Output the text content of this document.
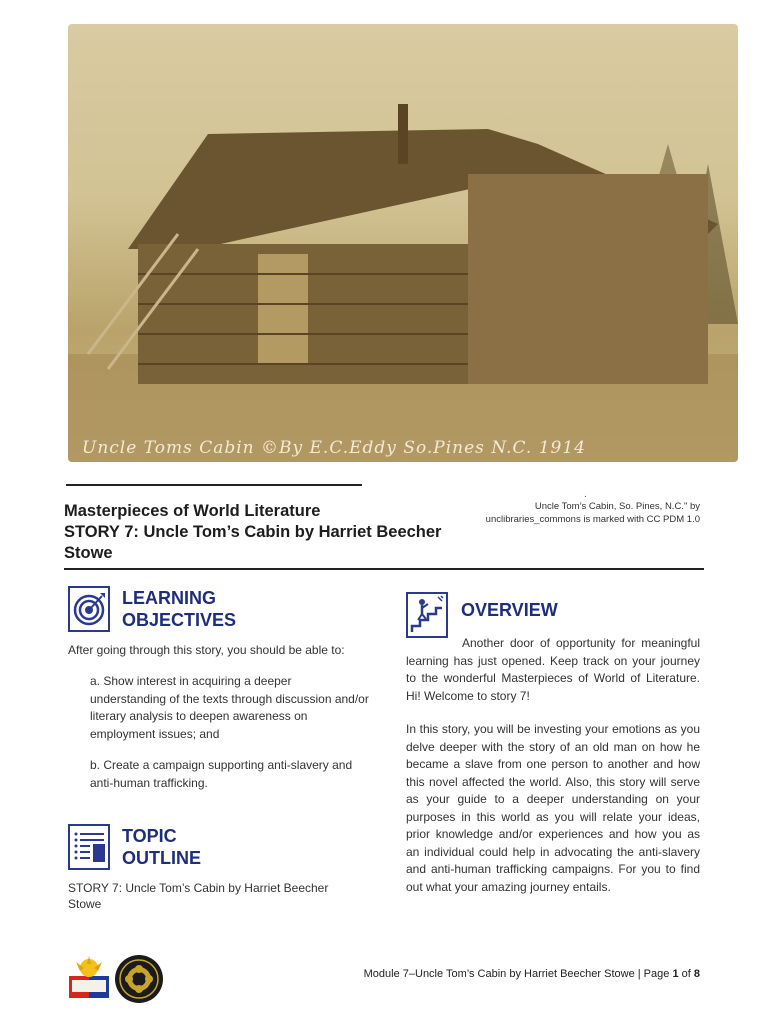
Uncle Toms Cabin ©By E.C.Eddy So.Pines N.C. 1914
.
Masterpieces of World Literature
STORY 7: Uncle Tom’s Cabin by Harriet Beecher Stowe
Uncle Tom’s Cabin, So. Pines, N.C." by unclibraries_commons is marked with CC PDM 1.0
LEARNING
OBJECTIVES
After going through this story, you should be able to:
a. Show interest in acquiring a deeper understanding of the texts through discussion and/or literary analysis to deepen awareness on employment issues; and
b. Create a campaign supporting anti-slavery and anti-human trafficking.
TOPIC
OUTLINE
STORY 7: Uncle Tom’s Cabin by Harriet Beecher Stowe
OVERVIEW
Another door of opportunity for meaningful learning has just opened. Keep track on your journey to the wonderful Masterpieces of World of Literature. Hi! Welcome to story 7!
In this story, you will be investing your emotions as you delve deeper with the story of an old man on how he became a slave from one person to another and how this novel affected the world. Also, this story will serve as your guide to a deeper understanding on your purposes in this world as you will relate your ideas, prior knowledge and/or experiences and how you as an individual could help in advocating the anti-slavery and anti-human trafficking campaigns. For you to find out what your amazing journey entails.
Module 7–Uncle Tom’s Cabin by Harriet Beecher Stowe | Page 1 of 8
